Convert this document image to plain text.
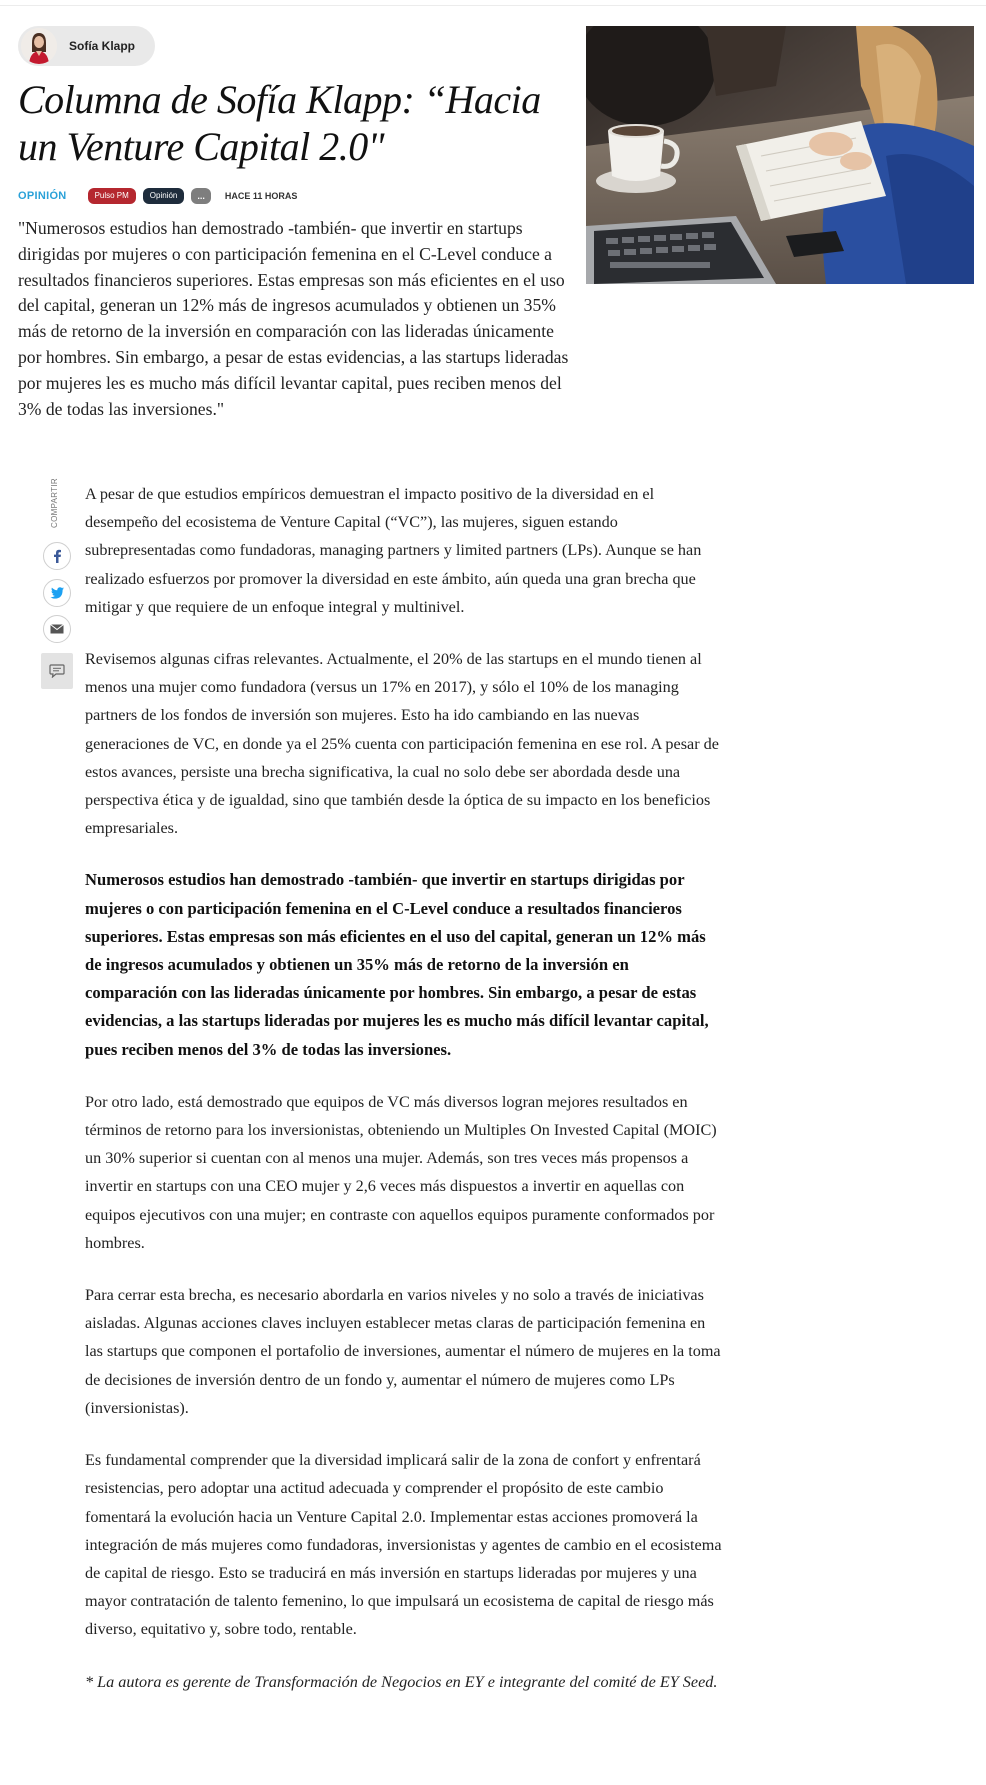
Sofía Klapp
Columna de Sofía Klapp: “Hacia un Venture Capital 2.0"
OPINIÓN	Pulso PM	Opinión	...	HACE 11 HORAS

"Numerosos estudios han demostrado -también- que invertir en startups dirigidas por mujeres o con participación femenina en el C-Level conduce a resultados financieros superiores. Estas empresas son más eficientes en el uso del capital, generan un 12% más de ingresos acumulados y obtienen un 35% más de retorno de la inversión en comparación con las lideradas únicamente por hombres. Sin embargo, a pesar de estas evidencias, a las startups lideradas por mujeres les es mucho más difícil levantar capital, pues reciben menos del 3% de todas las inversiones."

COMPARTIR	A pesar de que estudios empíricos demuestran el impacto positivo de la diversidad en el desempeño del ecosistema de Venture Capital (“VC”), las mujeres, siguen estando subrepresentadas como fundadoras, managing partners y limited partners (LPs). Aunque se han realizado esfuerzos por promover la diversidad en este ámbito, aún queda una gran brecha que mitigar y que requiere de un enfoque integral y multinivel.

Revisemos algunas cifras relevantes. Actualmente, el 20% de las startups en el mundo tienen al menos una mujer como fundadora (versus un 17% en 2017), y sólo el 10% de los managing partners de los fondos de inversión son mujeres. Esto ha ido cambiando en las nuevas generaciones de VC, en donde ya el 25% cuenta con participación femenina en ese rol. A pesar de estos avances, persiste una brecha significativa, la cual no solo debe ser abordada desde una perspectiva ética y de igualdad, sino que también desde la óptica de su impacto en los beneficios empresariales.

Numerosos estudios han demostrado -también- que invertir en startups dirigidas por mujeres o con participación femenina en el C-Level conduce a resultados financieros superiores. Estas empresas son más eficientes en el uso del capital, generan un 12% más de ingresos acumulados y obtienen un 35% más de retorno de la inversión en comparación con las lideradas únicamente por hombres. Sin embargo, a pesar de estas evidencias, a las startups lideradas por mujeres les es mucho más difícil levantar capital, pues reciben menos del 3% de todas las inversiones.

Por otro lado, está demostrado que equipos de VC más diversos logran mejores resultados en términos de retorno para los inversionistas, obteniendo un Multiples On Invested Capital (MOIC) un 30% superior si cuentan con al menos una mujer. Además, son tres veces más propensos a invertir en startups con una CEO mujer y 2,6 veces más dispuestos a invertir en aquellas con equipos ejecutivos con una mujer; en contraste con aquellos equipos puramente conformados por hombres.

Para cerrar esta brecha, es necesario abordarla en varios niveles y no solo a través de iniciativas aisladas. Algunas acciones claves incluyen establecer metas claras de participación femenina en las startups que componen el portafolio de inversiones, aumentar el número de mujeres en la toma de decisiones de inversión dentro de un fondo y, aumentar el número de mujeres como LPs (inversionistas).

Es fundamental comprender que la diversidad implicará salir de la zona de confort y enfrentará resistencias, pero adoptar una actitud adecuada y comprender el propósito de este cambio fomentará la evolución hacia un Venture Capital 2.0. Implementar estas acciones promoverá la integración de más mujeres como fundadoras, inversionistas y agentes de cambio en el ecosistema de capital de riesgo. Esto se traducirá en más inversión en startups lideradas por mujeres y una mayor contratación de talento femenino, lo que impulsará un ecosistema de capital de riesgo más diverso, equitativo y, sobre todo, rentable.

* La autora es gerente de Transformación de Negocios en EY e integrante del comité de EY Seed.
